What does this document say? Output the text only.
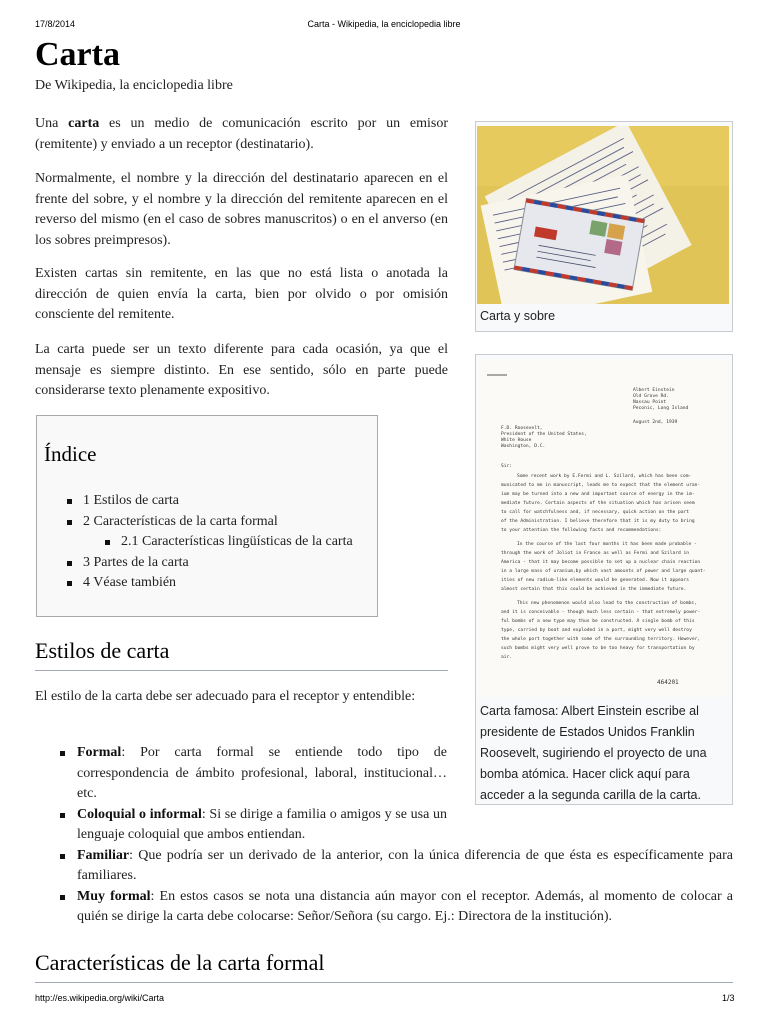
17/8/2014	Carta - Wikipedia, la enciclopedia libre
Carta
De Wikipedia, la enciclopedia libre

Una carta es un medio de comunicación escrito por un emisor (remitente) y enviado a un receptor (destinatario).

Normalmente, el nombre y la dirección del destinatario aparecen en el frente del sobre, y el nombre y la dirección del remitente aparecen en el reverso del mismo (en el caso de sobres manuscritos) o en el anverso (en los sobres preimpresos).

Existen cartas sin remitente, en las que no está lista o anotada la dirección de quien envía la carta, bien por olvido o por omisión consciente del remitente.

La carta puede ser un texto diferente para cada ocasión, ya que el mensaje es siempre distinto. En ese sentido, sólo en parte puede considerarse texto plenamente expositivo.

Carta y sobre
Albert Einstein
Old Grove Rd.
Nassau Point
Peconic, Long Island
August 2nd, 1939
F.D. Roosevelt,
President of the United States,
White House
Washington, D.C.
Sir:
Some recent work by E.Fermi and L. Szilard, which has been com-
municated to me in manuscript, leads me to expect that the element uran-
ium may be turned into a new and important source of energy in the im-
mediate future. Certain aspects of the situation which has arisen seem
to call for watchfulness and, if necessary, quick action on the part
of the Administration. I believe therefore that it is my duty to bring
to your attention the following facts and recommendations:
In the course of the last four months it has been made probable -
through the work of Joliot in France as well as Fermi and Szilard in
America - that it may become possible to set up a nuclear chain reaction
in a large mass of uranium,by which vast amounts of power and large quant-
ities of new radium-like elements would be generated. Now it appears
almost certain that this could be achieved in the immediate future.
This new phenomenon would also lead to the construction of bombs,
and it is conceivable - though much less certain - that extremely power-
ful bombs of a new type may thus be constructed. A single bomb of this
type, carried by boat and exploded in a port, might very well destroy
the whole port together with some of the surrounding territory. However,
such bombs might very well prove to be too heavy for transportation by
air.
464201
Carta famosa: Albert Einstein escribe al presidente de Estados Unidos Franklin Roosevelt, sugiriendo el proyecto de una bomba atómica. Hacer click aquí para acceder a la segunda carilla de la carta.
Índice
1 Estilos de carta
2 Características de la carta formal
2.1 Características lingüísticas de la carta
3 Partes de la carta
4 Véase también
Estilos de carta

El estilo de la carta debe ser adecuado para el receptor y entendible:

Formal: Por carta formal se entiende todo tipo de correspondencia de ámbito profesional, laboral, institucional…etc.
Coloquial o informal: Si se dirige a familia o amigos y se usa un lenguaje coloquial que ambos entiendan.
Familiar: Que podría ser un derivado de la anterior, con la única diferencia de que ésta es específicamente para familiares.
Muy formal: En estos casos se nota una distancia aún mayor con el receptor. Además, al momento de colocar a quién se dirige la carta debe colocarse: Señor/Señora (su cargo. Ej.: Directora de la institución).
Características de la carta formal
http://es.wikipedia.org/wiki/Carta	1/3
